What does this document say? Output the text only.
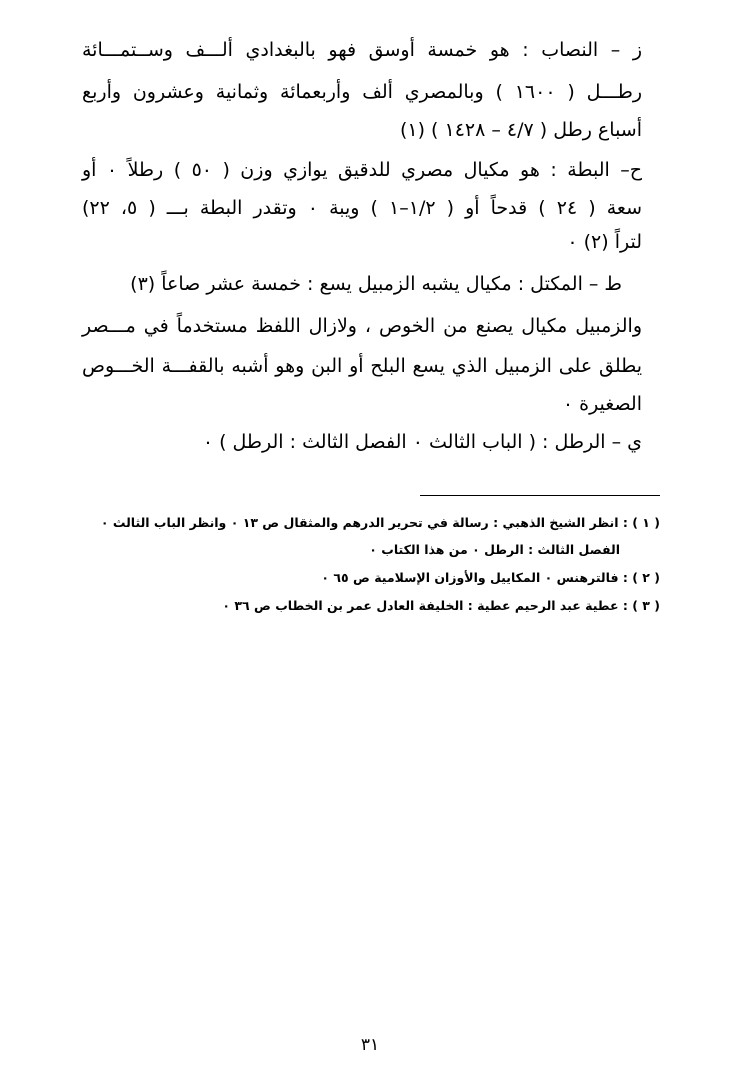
ز – النصاب : هو خمسة أوسق فهو بالبغدادي ألـــف وســتمـــائة
رطـــل ( ١٦٠٠ ) وبالمصري ألف وأربعمائة وثمانية وعشرون وأربع
أسباع رطل ( ٤/٧ – ١٤٢٨ ) (١)
ح– البطة : هو مكيال مصري للدقيق يوازي وزن ( ٥٠ ) رطلاً ٠ أو
سعة ( ٢٤ ) قدحاً أو ( ١/٢–١ ) ويبة ٠ وتقدر البطة بـــ ( ٥، ٢٢)
لتراً (٢) ٠
ط – المكتل : مكيال يشبه الزمبيل يسع : خمسة عشر صاعاً (٣)
والزمبيل مكيال يصنع من الخوص ، ولازال اللفظ مستخدماً في مـــصر
يطلق على الزمبيل الذي يسع البلح أو البن وهو أشبه بالقفـــة الخـــوص
الصغيرة ٠
ي – الرطل : ( الباب الثالث ٠ الفصل الثالث : الرطل ) ٠
( ١ ) : انظر الشيخ الذهبي : رسالة في تحرير الدرهم والمثقال ص ١٣ ٠ وانظر الباب الثالث ٠
الفصل الثالث : الرطل ٠ من هذا الكتاب ٠
( ٢ ) : فالترهنس ٠ المكاييل والأوزان الإسلامية ص ٦٥ ٠
( ٣ ) : عطية عبد الرحيم عطية : الخليفة العادل عمر بن الخطاب ص ٣٦ ٠
٣١
